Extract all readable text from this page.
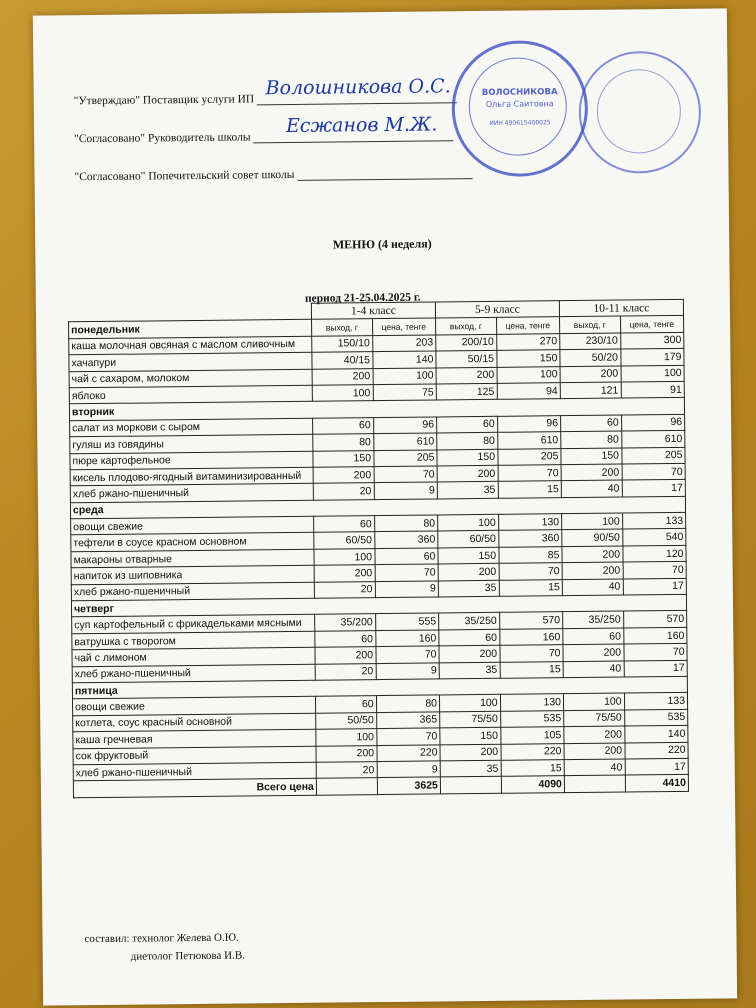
"Утверждаю" Поставщик услуги ИП
Волошникова О.С.
"Согласовано" Руководитель школы
Есжанов М.Ж.
"Согласовано" Попечительский совет школы
ВОЛОСНИКОВА
Ольга Саитовна
ИИН 490615400025
МЕНЮ (4 неделя)
период 21-25.04.2025 г.
	1-4 класс		5-9 класс		10-11 класс	
понедельник	выход, г	цена, тенге	выход, г	цена, тенге	выход, г	цена, тенге
каша молочная овсяная с маслом сливочным	150/10	203	200/10	270	230/10	300
хачапури	40/15	140	50/15	150	50/20	179
чай с сахаром, молоком	200	100	200	100	200	100
яблоко	100	75	125	94	121	91
вторник						
салат из моркови с сыром	60	96	60	96	60	96
гуляш из говядины	80	610	80	610	80	610
пюре картофельное	150	205	150	205	150	205
кисель плодово-ягодный витаминизированный	200	70	200	70	200	70
хлеб ржано-пшеничный	20	9	35	15	40	17
среда						
овощи свежие	60	80	100	130	100	133
тефтели в соусе красном основном	60/50	360	60/50	360	90/50	540
макароны отварные	100	60	150	85	200	120
напиток из шиповника	200	70	200	70	200	70
хлеб ржано-пшеничный	20	9	35	15	40	17
четверг						
суп картофельный с фрикадельками мясными	35/200	555	35/250	570	35/250	570
ватрушка с творогом	60	160	60	160	60	160
чай с лимоном	200	70	200	70	200	70
хлеб ржано-пшеничный	20	9	35	15	40	17
пятница						
овощи свежие	60	80	100	130	100	133
котлета, соус красный основной	50/50	365	75/50	535	75/50	535
каша гречневая	100	70	150	105	200	140
сок фруктовый	200	220	200	220	200	220
хлеб ржано-пшеничный	20	9	35	15	40	17
Всего цена		3625		4090		4410
составил: технолог Желева О.Ю.
диетолог Петюкова И.В.
